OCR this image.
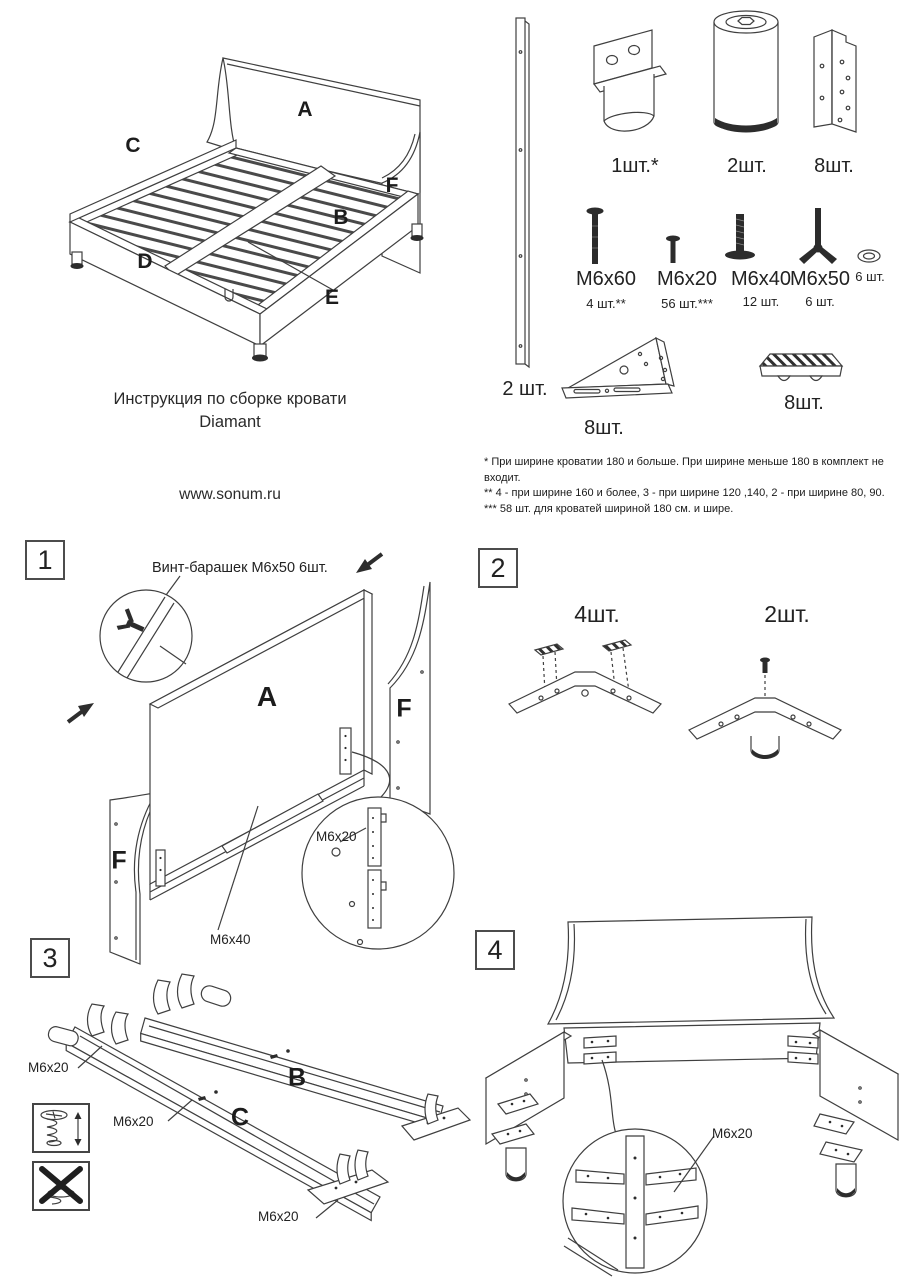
A
C
F
B
D
E
Инструкция по сборке кровати
Diamant
www.sonum.ru
2 шт.
1шт.*	2шт.	8шт.
М6х60
4 шт.**
М6х20
56 шт.***
М6х40
12 шт.
М6х50
6 шт.
6 шт.
8шт.
8шт.
* При ширине кроватии 180 и больше. При ширине меньше 180 в комплект не входит.
** 4 - при ширине 160 и более, 3 - при ширине 120 ,140, 2 - при ширине 80, 90.
*** 58 шт. для кроватей шириной 180 см. и шире.
1	Винт-барашек М6х50 6шт.
A	F
F
M6x20
M6x40
2
4шт.	2шт.
3
B
C
M6x20
M6x20
M6x20
4
M6x20
